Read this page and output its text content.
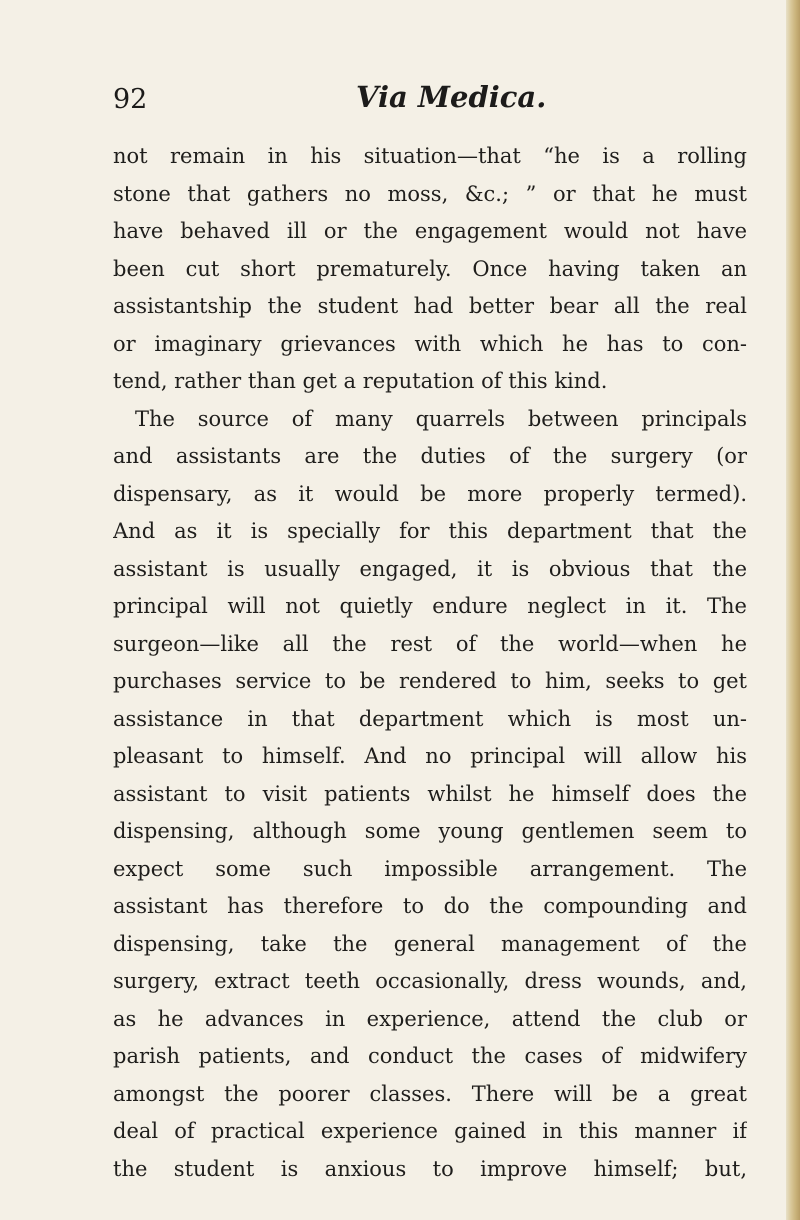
92	Via Medica.
not remain in his situation—that “he is a rolling
stone that gathers no moss, &c.; ” or that he must
have behaved ill or the engagement would not have
been cut short prematurely. Once having taken an
assistantship the student had better bear all the real
or imaginary grievances with which he has to con-
tend, rather than get a reputation of this kind.
The source of many quarrels between principals
and assistants are the duties of the surgery (or
dispensary, as it would be more properly termed).
And as it is specially for this department that the
assistant is usually engaged, it is obvious that the
principal will not quietly endure neglect in it. The
surgeon—like all the rest of the world—when he
purchases service to be rendered to him, seeks to get
assistance in that department which is most un-
pleasant to himself. And no principal will allow his
assistant to visit patients whilst he himself does the
dispensing, although some young gentlemen seem to
expect some such impossible arrangement. The
assistant has therefore to do the compounding and
dispensing, take the general management of the
surgery, extract teeth occasionally, dress wounds, and,
as he advances in experience, attend the club or
parish patients, and conduct the cases of midwifery
amongst the poorer classes. There will be a great
deal of practical experience gained in this manner if
the student is anxious to improve himself; but,
